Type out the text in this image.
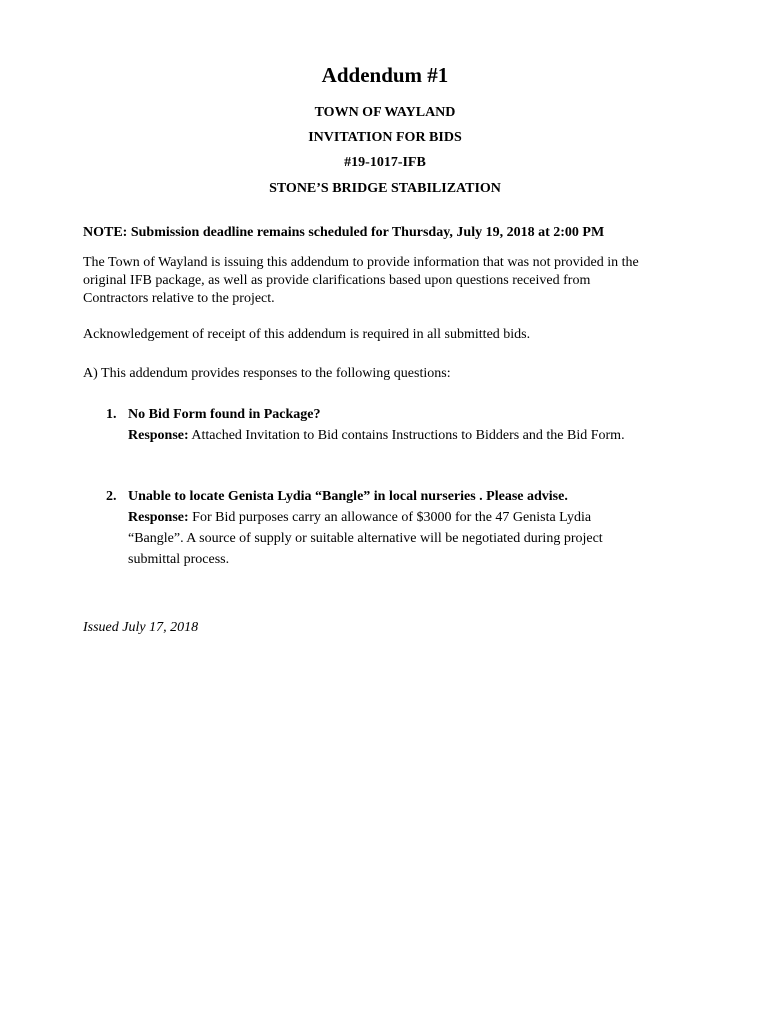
Addendum #1
TOWN OF WAYLAND
INVITATION FOR BIDS
#19-1017-IFB
STONE’S BRIDGE STABILIZATION
NOTE: Submission deadline remains scheduled for Thursday, July 19, 2018 at 2:00 PM
The Town of Wayland is issuing this addendum to provide information that was not provided in the
original IFB package, as well as provide clarifications based upon questions received from
Contractors relative to the project.
Acknowledgement of receipt of this addendum is required in all submitted bids.
A) This addendum provides responses to the following questions:
1. No Bid Form found in Package?
Response: Attached Invitation to Bid contains Instructions to Bidders and the Bid Form.
2. Unable to locate Genista Lydia “Bangle” in local nurseries . Please advise.
Response: For Bid purposes carry an allowance of $3000 for the 47 Genista Lydia
“Bangle”. A source of supply or suitable alternative will be negotiated during project
submittal process.
Issued July 17, 2018
